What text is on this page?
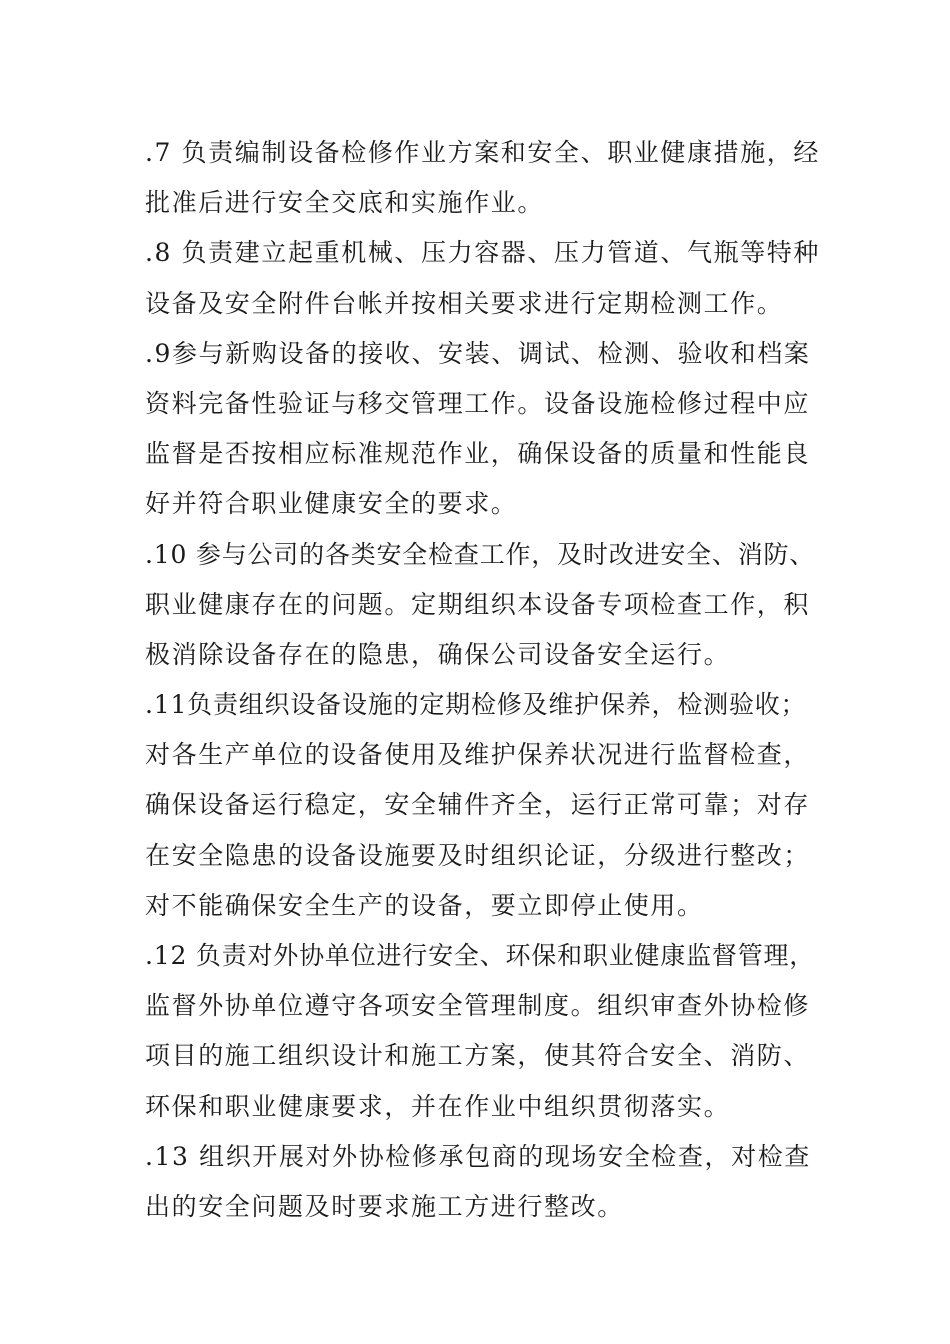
.7 负责编制设备检修作业方案和安全、职业健康措施，经
批准后进行安全交底和实施作业。
.8 负责建立起重机械、压力容器、压力管道、气瓶等特种
设备及安全附件台帐并按相关要求进行定期检测工作。
.9参与新购设备的接收、安装、调试、检测、验收和档案
资料完备性验证与移交管理工作。设备设施检修过程中应
监督是否按相应标准规范作业，确保设备的质量和性能良
好并符合职业健康安全的要求。
.10 参与公司的各类安全检查工作，及时改进安全、消防、
职业健康存在的问题。定期组织本设备专项检查工作，积
极消除设备存在的隐患，确保公司设备安全运行。
.11负责组织设备设施的定期检修及维护保养，检测验收；
对各生产单位的设备使用及维护保养状况进行监督检查，
确保设备运行稳定，安全辅件齐全，运行正常可靠；对存
在安全隐患的设备设施要及时组织论证，分级进行整改；
对不能确保安全生产的设备，要立即停止使用。
.12 负责对外协单位进行安全、环保和职业健康监督管理，
监督外协单位遵守各项安全管理制度。组织审查外协检修
项目的施工组织设计和施工方案，使其符合安全、消防、
环保和职业健康要求，并在作业中组织贯彻落实。
.13 组织开展对外协检修承包商的现场安全检查，对检查
出的安全问题及时要求施工方进行整改。
